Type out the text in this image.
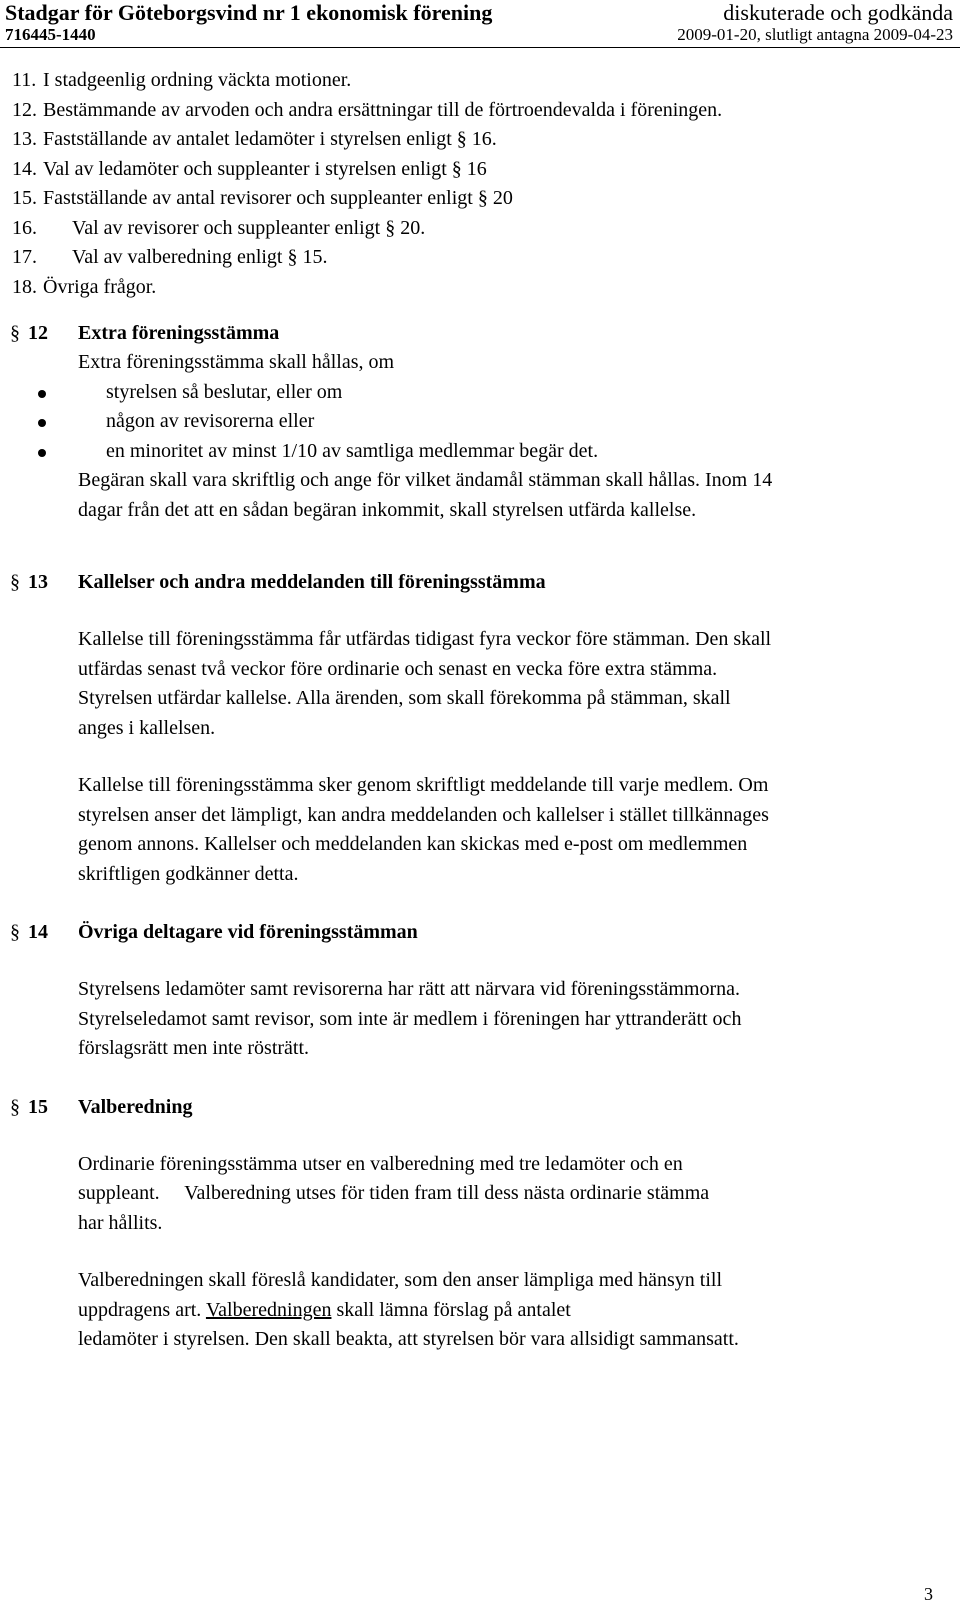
Stadgar för Göteborgsvind nr 1 ekonomisk förening	diskuterade och godkända
716445-1440	2009-01-20, slutligt antagna 2009-04-23
11. I stadgeenlig ordning väckta motioner.
12. Bestämmande av arvoden och andra ersättningar till de förtroendevalda i föreningen.
13. Fastställande av antalet ledamöter i styrelsen enligt § 16.
14. Val av ledamöter och suppleanter i styrelsen enligt § 16
15. Fastställande av antal revisorer och suppleanter enligt § 20
16.	Val av revisorer och suppleanter enligt § 20.
17.	Val av valberedning enligt § 15.
18. Övriga frågor.
§ 12 Extra föreningsstämma
Extra föreningsstämma skall hållas, om
styrelsen så beslutar, eller om
någon av revisorerna eller
en minoritet av minst 1/10 av samtliga medlemmar begär det.
Begäran skall vara skriftlig och ange för vilket ändamål stämman skall hållas. Inom 14
dagar från det att en sådan begäran inkommit, skall styrelsen utfärda kallelse.
§ 13 Kallelser och andra meddelanden till föreningsstämma
Kallelse till föreningsstämma får utfärdas tidigast fyra veckor före stämman. Den skall
utfärdas senast två veckor före ordinarie och senast en vecka före extra stämma.
Styrelsen utfärdar kallelse. Alla ärenden, som skall förekomma på stämman, skall
anges i kallelsen.
Kallelse till föreningsstämma sker genom skriftligt meddelande till varje medlem. Om
styrelsen anser det lämpligt, kan andra meddelanden och kallelser i stället tillkännages
genom annons. Kallelser och meddelanden kan skickas med e-post om medlemmen
skriftligen godkänner detta.
§ 14 Övriga deltagare vid föreningsstämman
Styrelsens ledamöter samt revisorerna har rätt att närvara vid föreningsstämmorna.
Styrelseledamot samt revisor, som inte är medlem i föreningen har yttranderätt och
förslagsrätt men inte rösträtt.
§ 15 Valberedning
Ordinarie föreningsstämma utser en valberedning med tre ledamöter och en
suppleant.     Valberedning utses för tiden fram till dess nästa ordinarie stämma
har hållits.
Valberedningen skall föreslå kandidater, som den anser lämpliga med hänsyn till
uppdragens art. Valberedningen skall lämna förslag på antalet
ledamöter i styrelsen. Den skall beakta, att styrelsen bör vara allsidigt sammansatt.
3
